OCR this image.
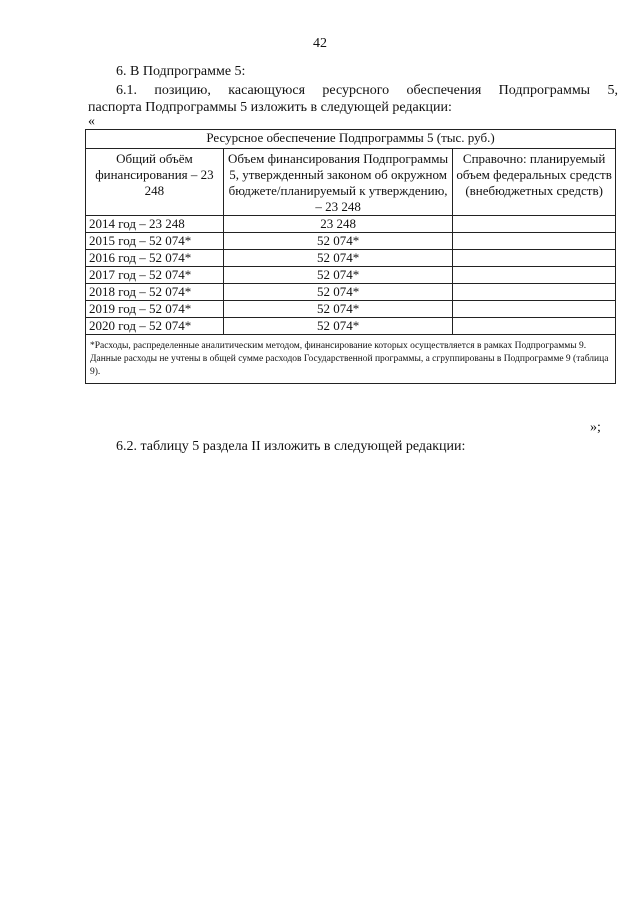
42
6. В Подпрограмме 5:
6.1. позицию, касающуюся ресурсного обеспечения Подпрограммы 5,
паспорта Подпрограммы 5 изложить в следующей редакции:
«
Ресурсное обеспечение Подпрограммы 5 (тыс. руб.)		
Общий объём финансирования – 23 248	Объем финансирования Подпрограммы 5, утвержденный законом об окружном бюджете/планируемый к утверждению, – 23 248	Справочно: планируемый объем федеральных средств (внебюджетных средств)
2014 год – 23 248	23 248	
2015 год – 52 074*	52 074*	
2016 год – 52 074*	52 074*	
2017 год – 52 074*	52 074*	
2018 год – 52 074*	52 074*	
2019 год – 52 074*	52 074*	
2020 год – 52 074*	52 074*	
*Расходы, распределенные аналитическим методом, финансирование которых осуществляется в рамках Подпрограммы 9. Данные расходы не учтены в общей сумме расходов Государственной программы, а сгруппированы в Подпрограмме 9 (таблица 9).		
»;
6.2. таблицу 5 раздела II изложить в следующей редакции:
